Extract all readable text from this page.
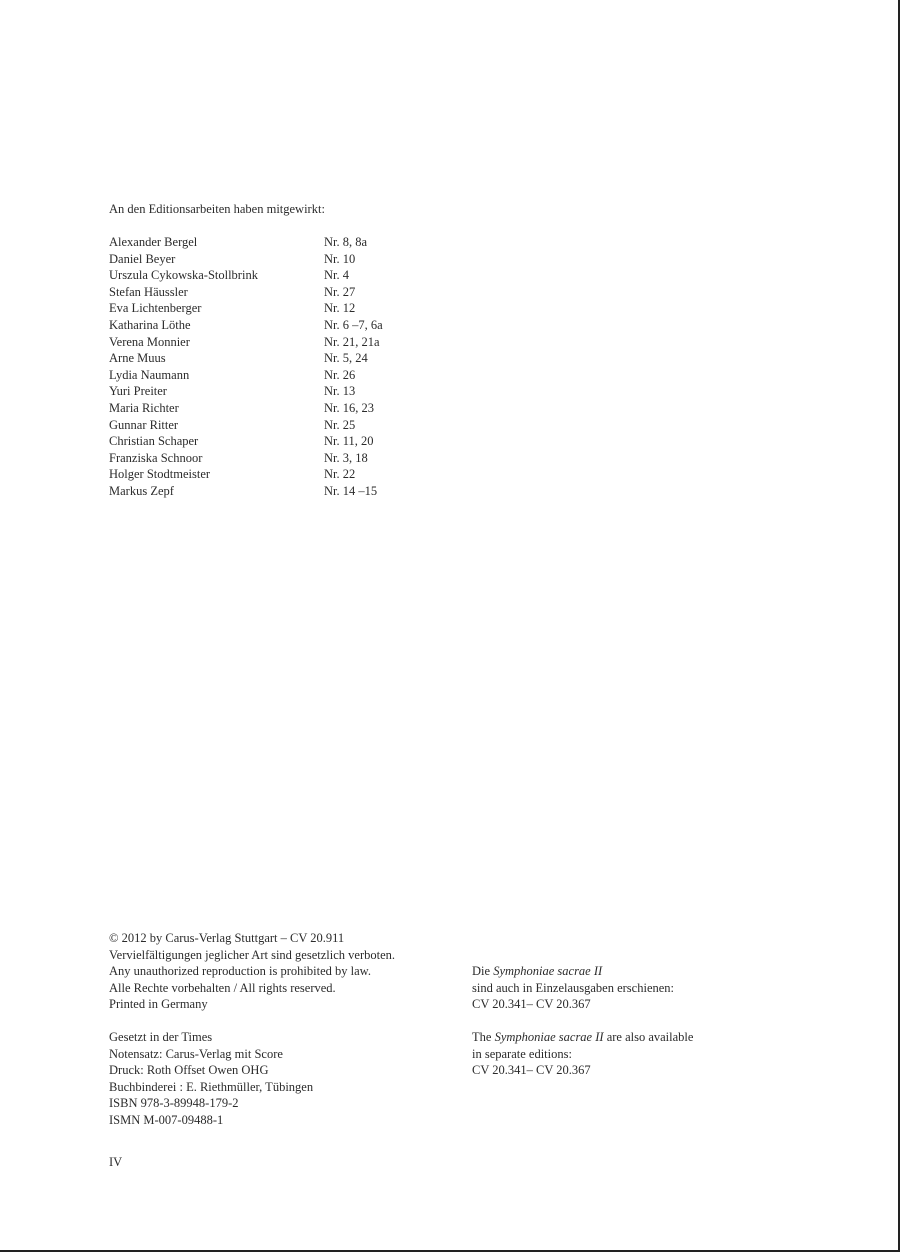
An den Editionsarbeiten haben mitgewirkt:
Alexander Bergel	Nr. 8, 8a
Daniel Beyer	Nr. 10
Urszula Cykowska-Stollbrink	Nr. 4
Stefan Häussler	Nr. 27
Eva Lichtenberger	Nr. 12
Katharina Löthe	Nr. 6 –7, 6a
Verena Monnier	Nr. 21, 21a
Arne Muus	Nr. 5, 24
Lydia Naumann	Nr. 26
Yuri Preiter	Nr. 13
Maria Richter	Nr. 16, 23
Gunnar Ritter	Nr. 25
Christian Schaper	Nr. 11, 20
Franziska Schnoor	Nr. 3, 18
Holger Stodtmeister	Nr. 22
Markus Zepf	Nr. 14 –15
© 2012 by Carus-Verlag Stuttgart – CV 20.911
Vervielfältigungen jeglicher Art sind gesetzlich verboten.
Any unauthorized reproduction is prohibited by law.
Alle Rechte vorbehalten / All rights reserved.
Printed in Germany
Gesetzt in der Times
Notensatz: Carus-Verlag mit Score
Druck: Roth Offset Owen OHG
Buchbinderei : E. Riethmüller, Tübingen
ISBN 978-3-89948-179-2
ISMN M-007-09488-1
Die Symphoniae sacrae II
sind auch in Einzelausgaben erschienen:
CV 20.341– CV 20.367
The Symphoniae sacrae II are also available
in separate editions:
CV 20.341– CV 20.367
IV
